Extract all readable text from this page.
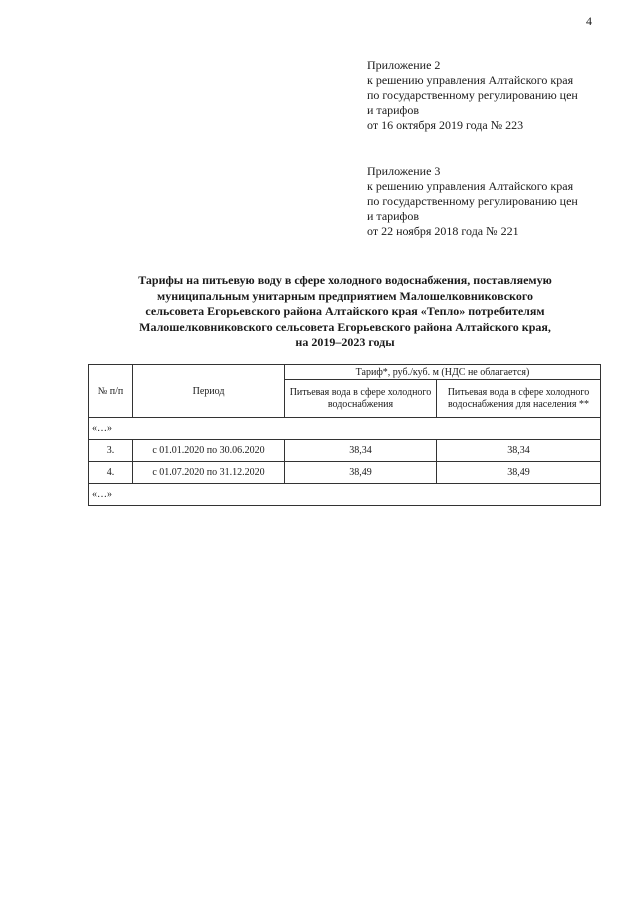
4
Приложение 2
к решению управления Алтайского края
по государственному регулированию цен
и тарифов
от 16 октября 2019 года № 223
Приложение 3
к решению управления Алтайского края
по государственному регулированию цен
и тарифов
от 22 ноября 2018 года № 221
Тарифы на питьевую воду в сфере холодного водоснабжения, поставляемую
муниципальным унитарным предприятием Малошелковниковского
сельсовета Егорьевского района Алтайского края «Тепло» потребителям
Малошелковниковского сельсовета Егорьевского района Алтайского края,
на 2019–2023 годы
№ п/п	Период	Тариф*, руб./куб. м (НДС не облагается)	
		Питьевая вода в сфере холодного водоснабжения	Питьевая вода в сфере холодного водоснабжения для населения **
«…»			
3.	с 01.01.2020 по 30.06.2020	38,34	38,34
4.	с 01.07.2020 по 31.12.2020	38,49	38,49
«…»			
